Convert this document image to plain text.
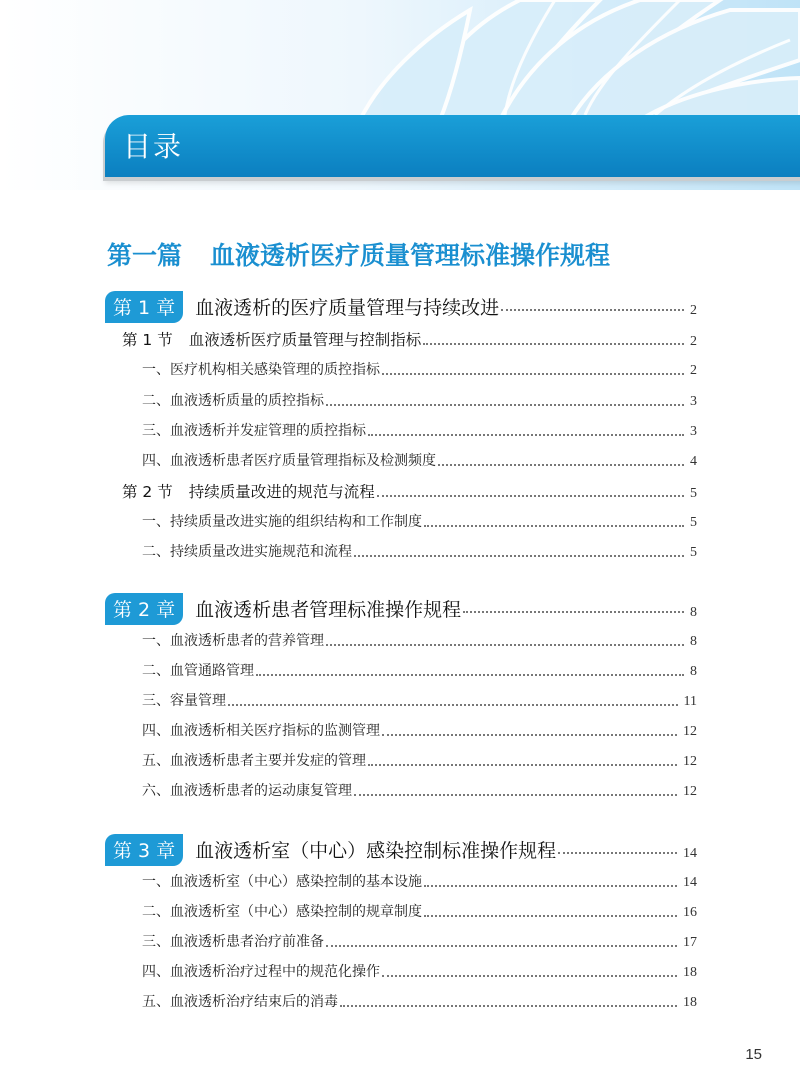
目录
第一篇 血液透析医疗质量管理标准操作规程
第 1 章	血液透析的医疗质量管理与持续改进	2
第 1 节 血液透析医疗质量管理与控制指标	2
一、医疗机构相关感染管理的质控指标	2
二、血液透析质量的质控指标	3
三、血液透析并发症管理的质控指标	3
四、血液透析患者医疗质量管理指标及检测频度	4
第 2 节 持续质量改进的规范与流程	5
一、持续质量改进实施的组织结构和工作制度	5
二、持续质量改进实施规范和流程	5
第 2 章	血液透析患者管理标准操作规程	8
一、血液透析患者的营养管理	8
二、血管通路管理	8
三、容量管理	11
四、血液透析相关医疗指标的监测管理	12
五、血液透析患者主要并发症的管理	12
六、血液透析患者的运动康复管理	12
第 3 章	血液透析室（中心）感染控制标准操作规程	14
一、血液透析室（中心）感染控制的基本设施	14
二、血液透析室（中心）感染控制的规章制度	16
三、血液透析患者治疗前准备	17
四、血液透析治疗过程中的规范化操作	18
五、血液透析治疗结束后的消毒	18
15
